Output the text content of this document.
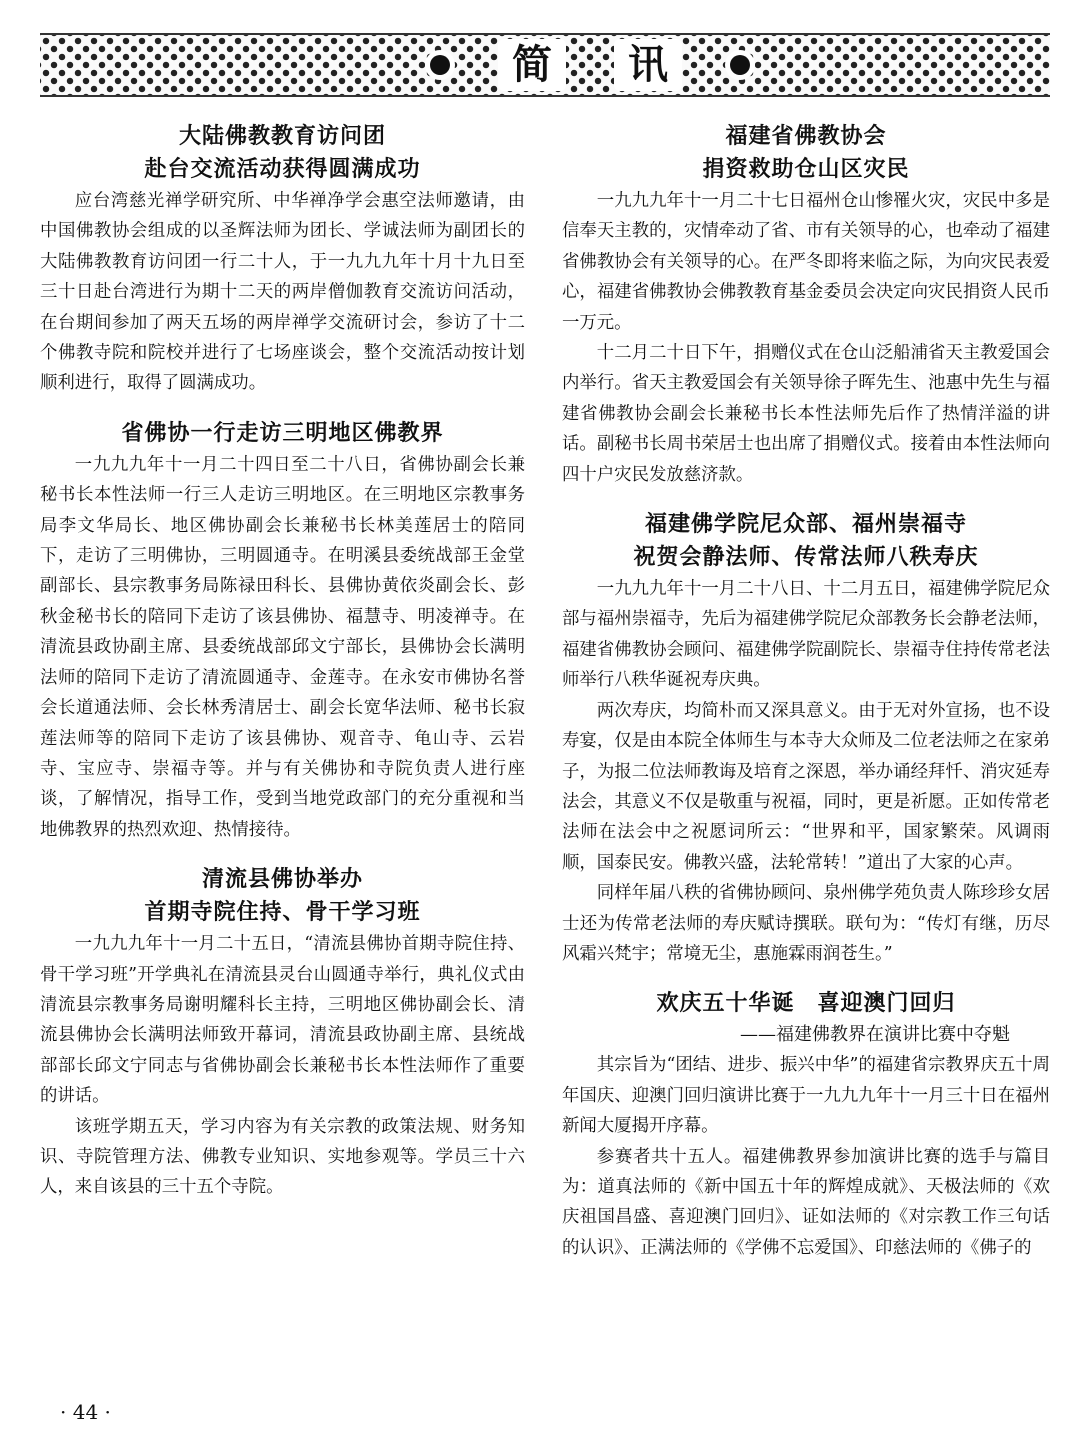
简	讯
大陆佛教教育访问团
赴台交流活动获得圆满成功

应台湾慈光禅学研究所、中华禅净学会惠空法师邀请，由中国佛教协会组成的以圣辉法师为团长、学诚法师为副团长的大陆佛教教育访问团一行二十人，于一九九九年十月十九日至三十日赴台湾进行为期十二天的两岸僧伽教育交流访问活动，在台期间参加了两天五场的两岸禅学交流研讨会，参访了十二个佛教寺院和院校并进行了七场座谈会，整个交流活动按计划顺利进行，取得了圆满成功。

省佛协一行走访三明地区佛教界

一九九九年十一月二十四日至二十八日，省佛协副会长兼秘书长本性法师一行三人走访三明地区。在三明地区宗教事务局李文华局长、地区佛协副会长兼秘书长林美莲居士的陪同下，走访了三明佛协，三明圆通寺。在明溪县委统战部王金堂副部长、县宗教事务局陈禄田科长、县佛协黄依炎副会长、彭秋金秘书长的陪同下走访了该县佛协、福慧寺、明凌禅寺。在清流县政协副主席、县委统战部邱文宁部长，县佛协会长满明法师的陪同下走访了清流圆通寺、金莲寺。在永安市佛协名誉会长道通法师、会长林秀清居士、副会长宽华法师、秘书长寂莲法师等的陪同下走访了该县佛协、观音寺、龟山寺、云岩寺、宝应寺、崇福寺等。并与有关佛协和寺院负责人进行座谈，了解情况，指导工作，受到当地党政部门的充分重视和当地佛教界的热烈欢迎、热情接待。

清流县佛协举办
首期寺院住持、骨干学习班

一九九九年十一月二十五日，“清流县佛协首期寺院住持、骨干学习班”开学典礼在清流县灵台山圆通寺举行，典礼仪式由清流县宗教事务局谢明耀科长主持，三明地区佛协副会长、清流县佛协会长满明法师致开幕词，清流县政协副主席、县统战部部长邱文宁同志与省佛协副会长兼秘书长本性法师作了重要的讲话。

该班学期五天，学习内容为有关宗教的政策法规、财务知识、寺院管理方法、佛教专业知识、实地参观等。学员三十六人，来自该县的三十五个寺院。

福建省佛教协会
捐资救助仓山区灾民

一九九九年十一月二十七日福州仓山惨罹火灾，灾民中多是信奉天主教的，灾情牵动了省、市有关领导的心，也牵动了福建省佛教协会有关领导的心。在严冬即将来临之际，为向灾民表爱心，福建省佛教协会佛教教育基金委员会决定向灾民捐资人民币一万元。

十二月二十日下午，捐赠仪式在仓山泛船浦省天主教爱国会内举行。省天主教爱国会有关领导徐子晖先生、池惠中先生与福建省佛教协会副会长兼秘书长本性法师先后作了热情洋溢的讲话。副秘书长周书荣居士也出席了捐赠仪式。接着由本性法师向四十户灾民发放慈济款。

福建佛学院尼众部、福州崇福寺
祝贺会静法师、传常法师八秩寿庆

一九九九年十一月二十八日、十二月五日，福建佛学院尼众部与福州崇福寺，先后为福建佛学院尼众部教务长会静老法师，福建省佛教协会顾问、福建佛学院副院长、崇福寺住持传常老法师举行八秩华诞祝寿庆典。

两次寿庆，均简朴而又深具意义。由于无对外宣扬，也不设寿宴，仅是由本院全体师生与本寺大众师及二位老法师之在家弟子，为报二位法师教诲及培育之深恩，举办诵经拜忏、消灾延寿法会，其意义不仅是敬重与祝福，同时，更是祈愿。正如传常老法师在法会中之祝愿词所云：“世界和平，国家繁荣。风调雨顺，国泰民安。佛教兴盛，法轮常转！”道出了大家的心声。

同样年届八秩的省佛协顾问、泉州佛学苑负责人陈珍珍女居士还为传常老法师的寿庆赋诗撰联。联句为：“传灯有继，历尽风霜兴梵宇；常境无尘，惠施霖雨润苍生。”

欢庆五十华诞　喜迎澳门回归
——福建佛教界在演讲比赛中夺魁

其宗旨为“团结、进步、振兴中华”的福建省宗教界庆五十周年国庆、迎澳门回归演讲比赛于一九九九年十一月三十日在福州新闻大厦揭开序幕。

参赛者共十五人。福建佛教界参加演讲比赛的选手与篇目为：道真法师的《新中国五十年的辉煌成就》、天极法师的《欢庆祖国昌盛、喜迎澳门回归》、证如法师的《对宗教工作三句话的认识》、正满法师的《学佛不忘爱国》、印慈法师的《佛子的

· 44 ·
